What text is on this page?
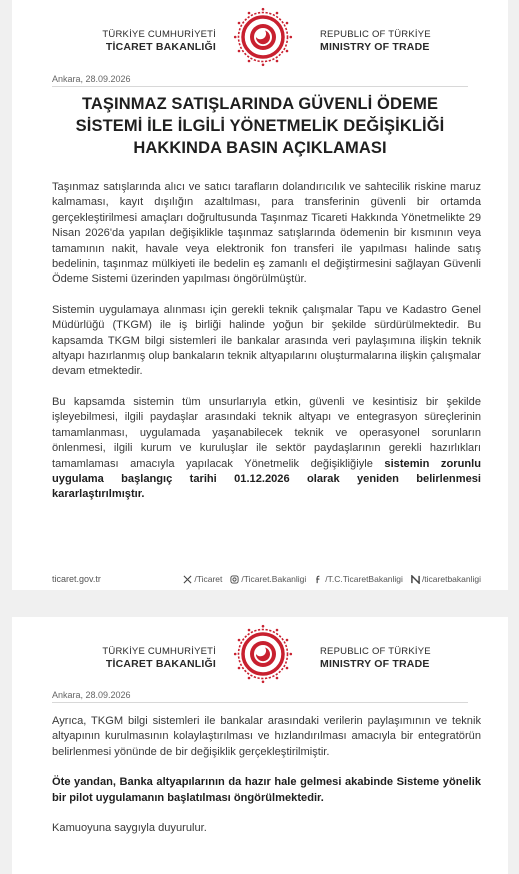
TÜRKİYE CUMHURİYETİ
TİCARET BAKANLIĞI
REPUBLIC OF TÜRKİYE
MINISTRY OF TRADE
Ankara, 28.09.2026
TAŞINMAZ SATIŞLARINDA GÜVENLİ ÖDEME
SİSTEMİ İLE İLGİLİ YÖNETMELİK DEĞİŞİKLİĞİ
HAKKINDA BASIN AÇIKLAMASI

Taşınmaz satışlarında alıcı ve satıcı tarafların dolandırıcılık ve sahtecilik riskine maruz kalmaması, kayıt dışılığın azaltılması, para transferinin güvenli bir ortamda gerçekleştirilmesi amaçları doğrultusunda Taşınmaz Ticareti Hakkında Yönetmelikte 29 Nisan 2026'da yapılan değişiklikle taşınmaz satışlarında ödemenin bir kısmının veya tamamının nakit, havale veya elektronik fon transferi ile yapılması halinde satış bedelinin, taşınmaz mülkiyeti ile bedelin eş zamanlı el değiştirmesini sağlayan Güvenli Ödeme Sistemi üzerinden yapılması öngörülmüştür.

Sistemin uygulamaya alınması için gerekli teknik çalışmalar Tapu ve Kadastro Genel Müdürlüğü (TKGM) ile iş birliği halinde yoğun bir şekilde sürdürülmektedir. Bu kapsamda TKGM bilgi sistemleri ile bankalar arasında veri paylaşımına ilişkin teknik altyapı hazırlanmış olup bankaların teknik altyapılarını oluşturmalarına ilişkin çalışmalar devam etmektedir.

Bu kapsamda sistemin tüm unsurlarıyla etkin, güvenli ve kesintisiz bir şekilde işleyebilmesi, ilgili paydaşlar arasındaki teknik altyapı ve entegrasyon süreçlerinin tamamlanması, uygulamada yaşanabilecek teknik ve operasyonel sorunların önlenmesi, ilgili kurum ve kuruluşlar ile sektör paydaşlarının gerekli hazırlıkları tamamlaması amacıyla yapılacak Yönetmelik değişikliğiyle sistemin zorunlu uygulama başlangıç tarihi 01.12.2026 olarak yeniden belirlenmesi kararlaştırılmıştır.

ticaret.gov.tr	/Ticaret /Ticaret.Bakanligi /T.C.TicaretBakanligi /ticaretbakanligi
TÜRKİYE CUMHURİYETİ
TİCARET BAKANLIĞI
REPUBLIC OF TÜRKİYE
MINISTRY OF TRADE
Ankara, 28.09.2026

Ayrıca, TKGM bilgi sistemleri ile bankalar arasındaki verilerin paylaşımının ve teknik altyapının kurulmasının kolaylaştırılması ve hızlandırılması amacıyla bir entegratörün belirlenmesi yönünde de bir değişiklik gerçekleştirilmiştir.

Öte yandan, Banka altyapılarının da hazır hale gelmesi akabinde Sisteme yönelik bir pilot uygulamanın başlatılması öngörülmektedir.

Kamuoyuna saygıyla duyurulur.
